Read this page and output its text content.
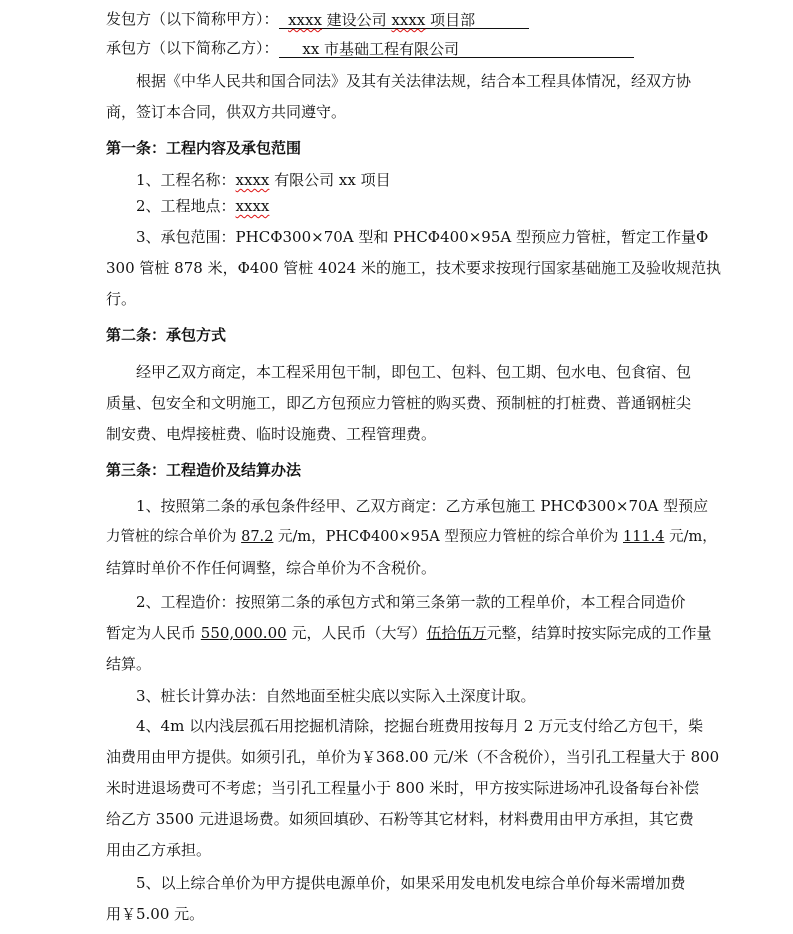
发包方（以下简称甲方）： xxxx 建设公司 xxxx 项目部
承包方（以下简称乙方）： xx 市基础工程有限公司
根据《中华人民共和国合同法》及其有关法律法规，结合本工程具体情况，经双方协
商，签订本合同，供双方共同遵守。
第一条：工程内容及承包范围
1、工程名称：xxxx 有限公司 xx 项目
2、工程地点：xxxx
3、承包范围：PHCΦ300×70A 型和 PHCΦ400×95A 型预应力管桩，暂定工作量Φ
300 管桩 878 米，Φ400 管桩 4024 米的施工，技术要求按现行国家基础施工及验收规范执
行。
第二条：承包方式
经甲乙双方商定，本工程采用包干制，即包工、包料、包工期、包水电、包食宿、包
质量、包安全和文明施工，即乙方包预应力管桩的购买费、预制桩的打桩费、普通钢桩尖
制安费、电焊接桩费、临时设施费、工程管理费。
第三条：工程造价及结算办法
1、按照第二条的承包条件经甲、乙双方商定：乙方承包施工 PHCΦ300×70A 型预应
力管桩的综合单价为 87.2 元/m，PHCΦ400×95A 型预应力管桩的综合单价为 111.4 元/m，
结算时单价不作任何调整，综合单价为不含税价。
2、工程造价：按照第二条的承包方式和第三条第一款的工程单价，本工程合同造价
暂定为人民币 550,000.00 元，人民币（大写）伍拾伍万元整，结算时按实际完成的工作量
结算。
3、桩长计算办法：自然地面至桩尖底以实际入土深度计取。
4、4m 以内浅层孤石用挖掘机清除，挖掘台班费用按每月 2 万元支付给乙方包干，柴
油费用由甲方提供。如须引孔，单价为￥368.00 元/米（不含税价），当引孔工程量大于 800
米时进退场费可不考虑；当引孔工程量小于 800 米时，甲方按实际进场冲孔设备每台补偿
给乙方 3500 元进退场费。如须回填砂、石粉等其它材料，材料费用由甲方承担，其它费
用由乙方承担。
5、以上综合单价为甲方提供电源单价，如果采用发电机发电综合单价每米需增加费
用￥5.00 元。
